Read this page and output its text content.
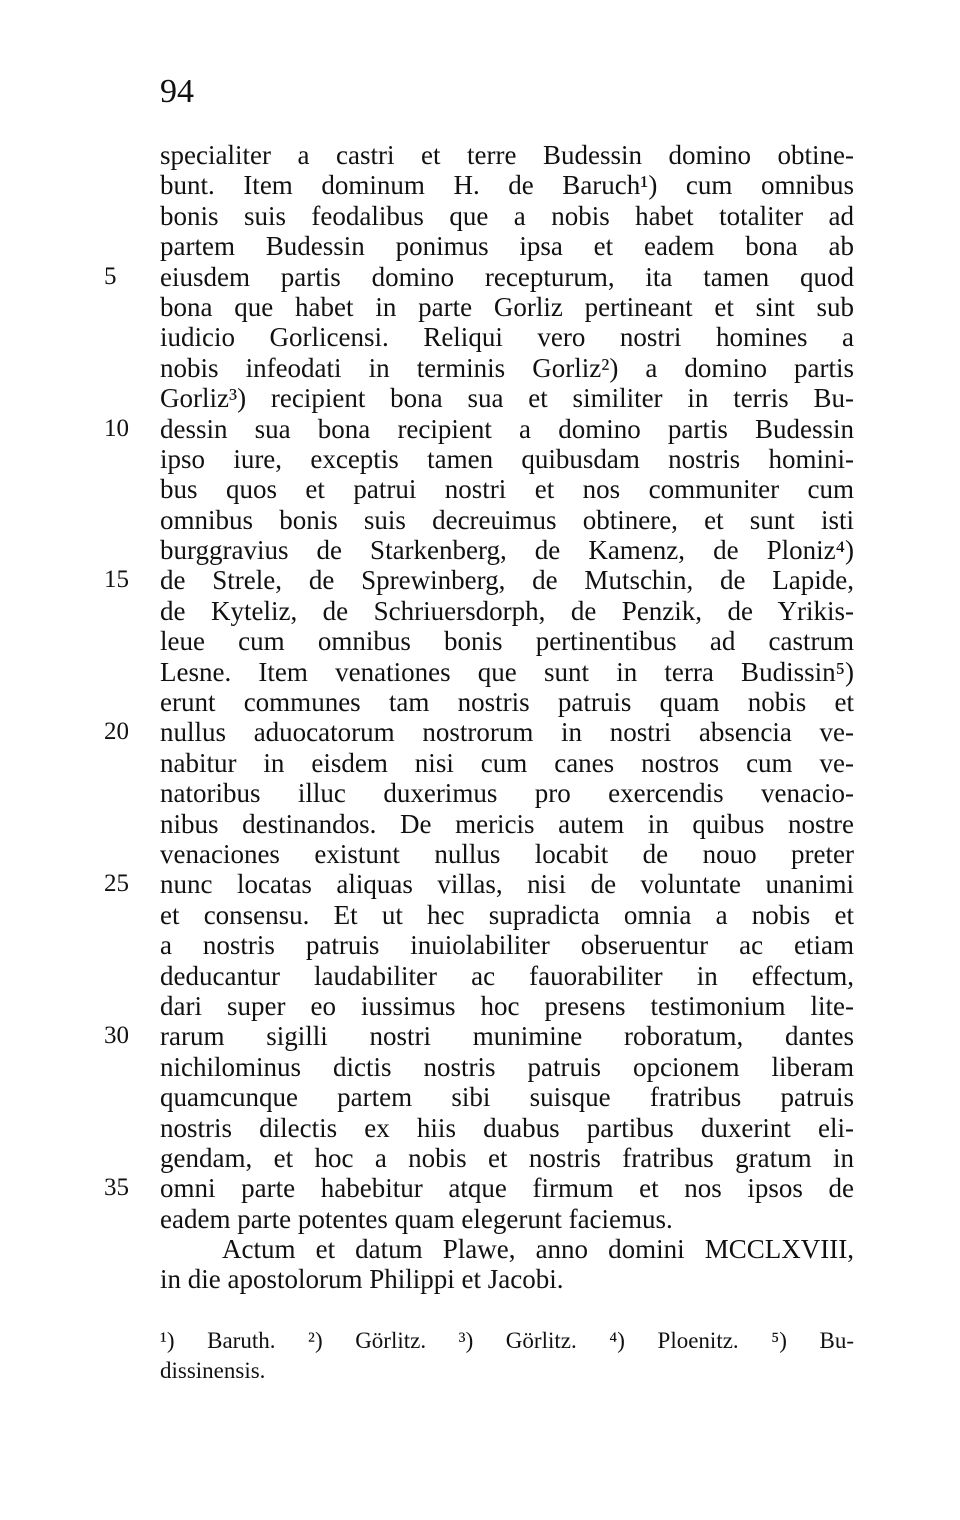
94
specialiter a castri et terre Budessin domino obtine-
bunt. Item dominum H. de Baruch¹) cum omnibus
bonis suis feodalibus que a nobis habet totaliter ad
partem Budessin ponimus ipsa et eadem bona ab
5	eiusdem partis domino recepturum, ita tamen quod
bona que habet in parte Gorliz pertineant et sint sub
iudicio Gorlicensi. Reliqui vero nostri homines a
nobis infeodati in terminis Gorliz²) a domino partis
Gorliz³) recipient bona sua et similiter in terris Bu-
10	dessin sua bona recipient a domino partis Budessin
ipso iure, exceptis tamen quibusdam nostris homini-
bus quos et patrui nostri et nos communiter cum
omnibus bonis suis decreuimus obtinere, et sunt isti
burggravius de Starkenberg, de Kamenz, de Ploniz⁴)
15	de Strele, de Sprewinberg, de Mutschin, de Lapide,
de Kyteliz, de Schriuersdorph, de Penzik, de Yrikis-
leue cum omnibus bonis pertinentibus ad castrum
Lesne. Item venationes que sunt in terra Budissin⁵)
erunt communes tam nostris patruis quam nobis et
20	nullus aduocatorum nostrorum in nostri absencia ve-
nabitur in eisdem nisi cum canes nostros cum ve-
natoribus illuc duxerimus pro exercendis venacio-
nibus destinandos. De mericis autem in quibus nostre
venaciones existunt nullus locabit de nouo preter
25	nunc locatas aliquas villas, nisi de voluntate unanimi
et consensu. Et ut hec supradicta omnia a nobis et
a nostris patruis inuiolabiliter obseruentur ac etiam
deducantur laudabiliter ac fauorabiliter in effectum,
dari super eo iussimus hoc presens testimonium lite-
30	rarum sigilli nostri munimine roboratum, dantes
nichilominus dictis nostris patruis opcionem liberam
quamcunque partem sibi suisque fratribus patruis
nostris dilectis ex hiis duabus partibus duxerint eli-
gendam, et hoc a nobis et nostris fratribus gratum in
35	omni parte habebitur atque firmum et nos ipsos de
eadem parte potentes quam elegerunt faciemus.
Actum et datum Plawe, anno domini MCCLXVIII,
in die apostolorum Philippi et Jacobi.
¹) Baruth. ²) Görlitz. ³) Görlitz. ⁴) Ploenitz. ⁵) Bu-
dissinensis.
